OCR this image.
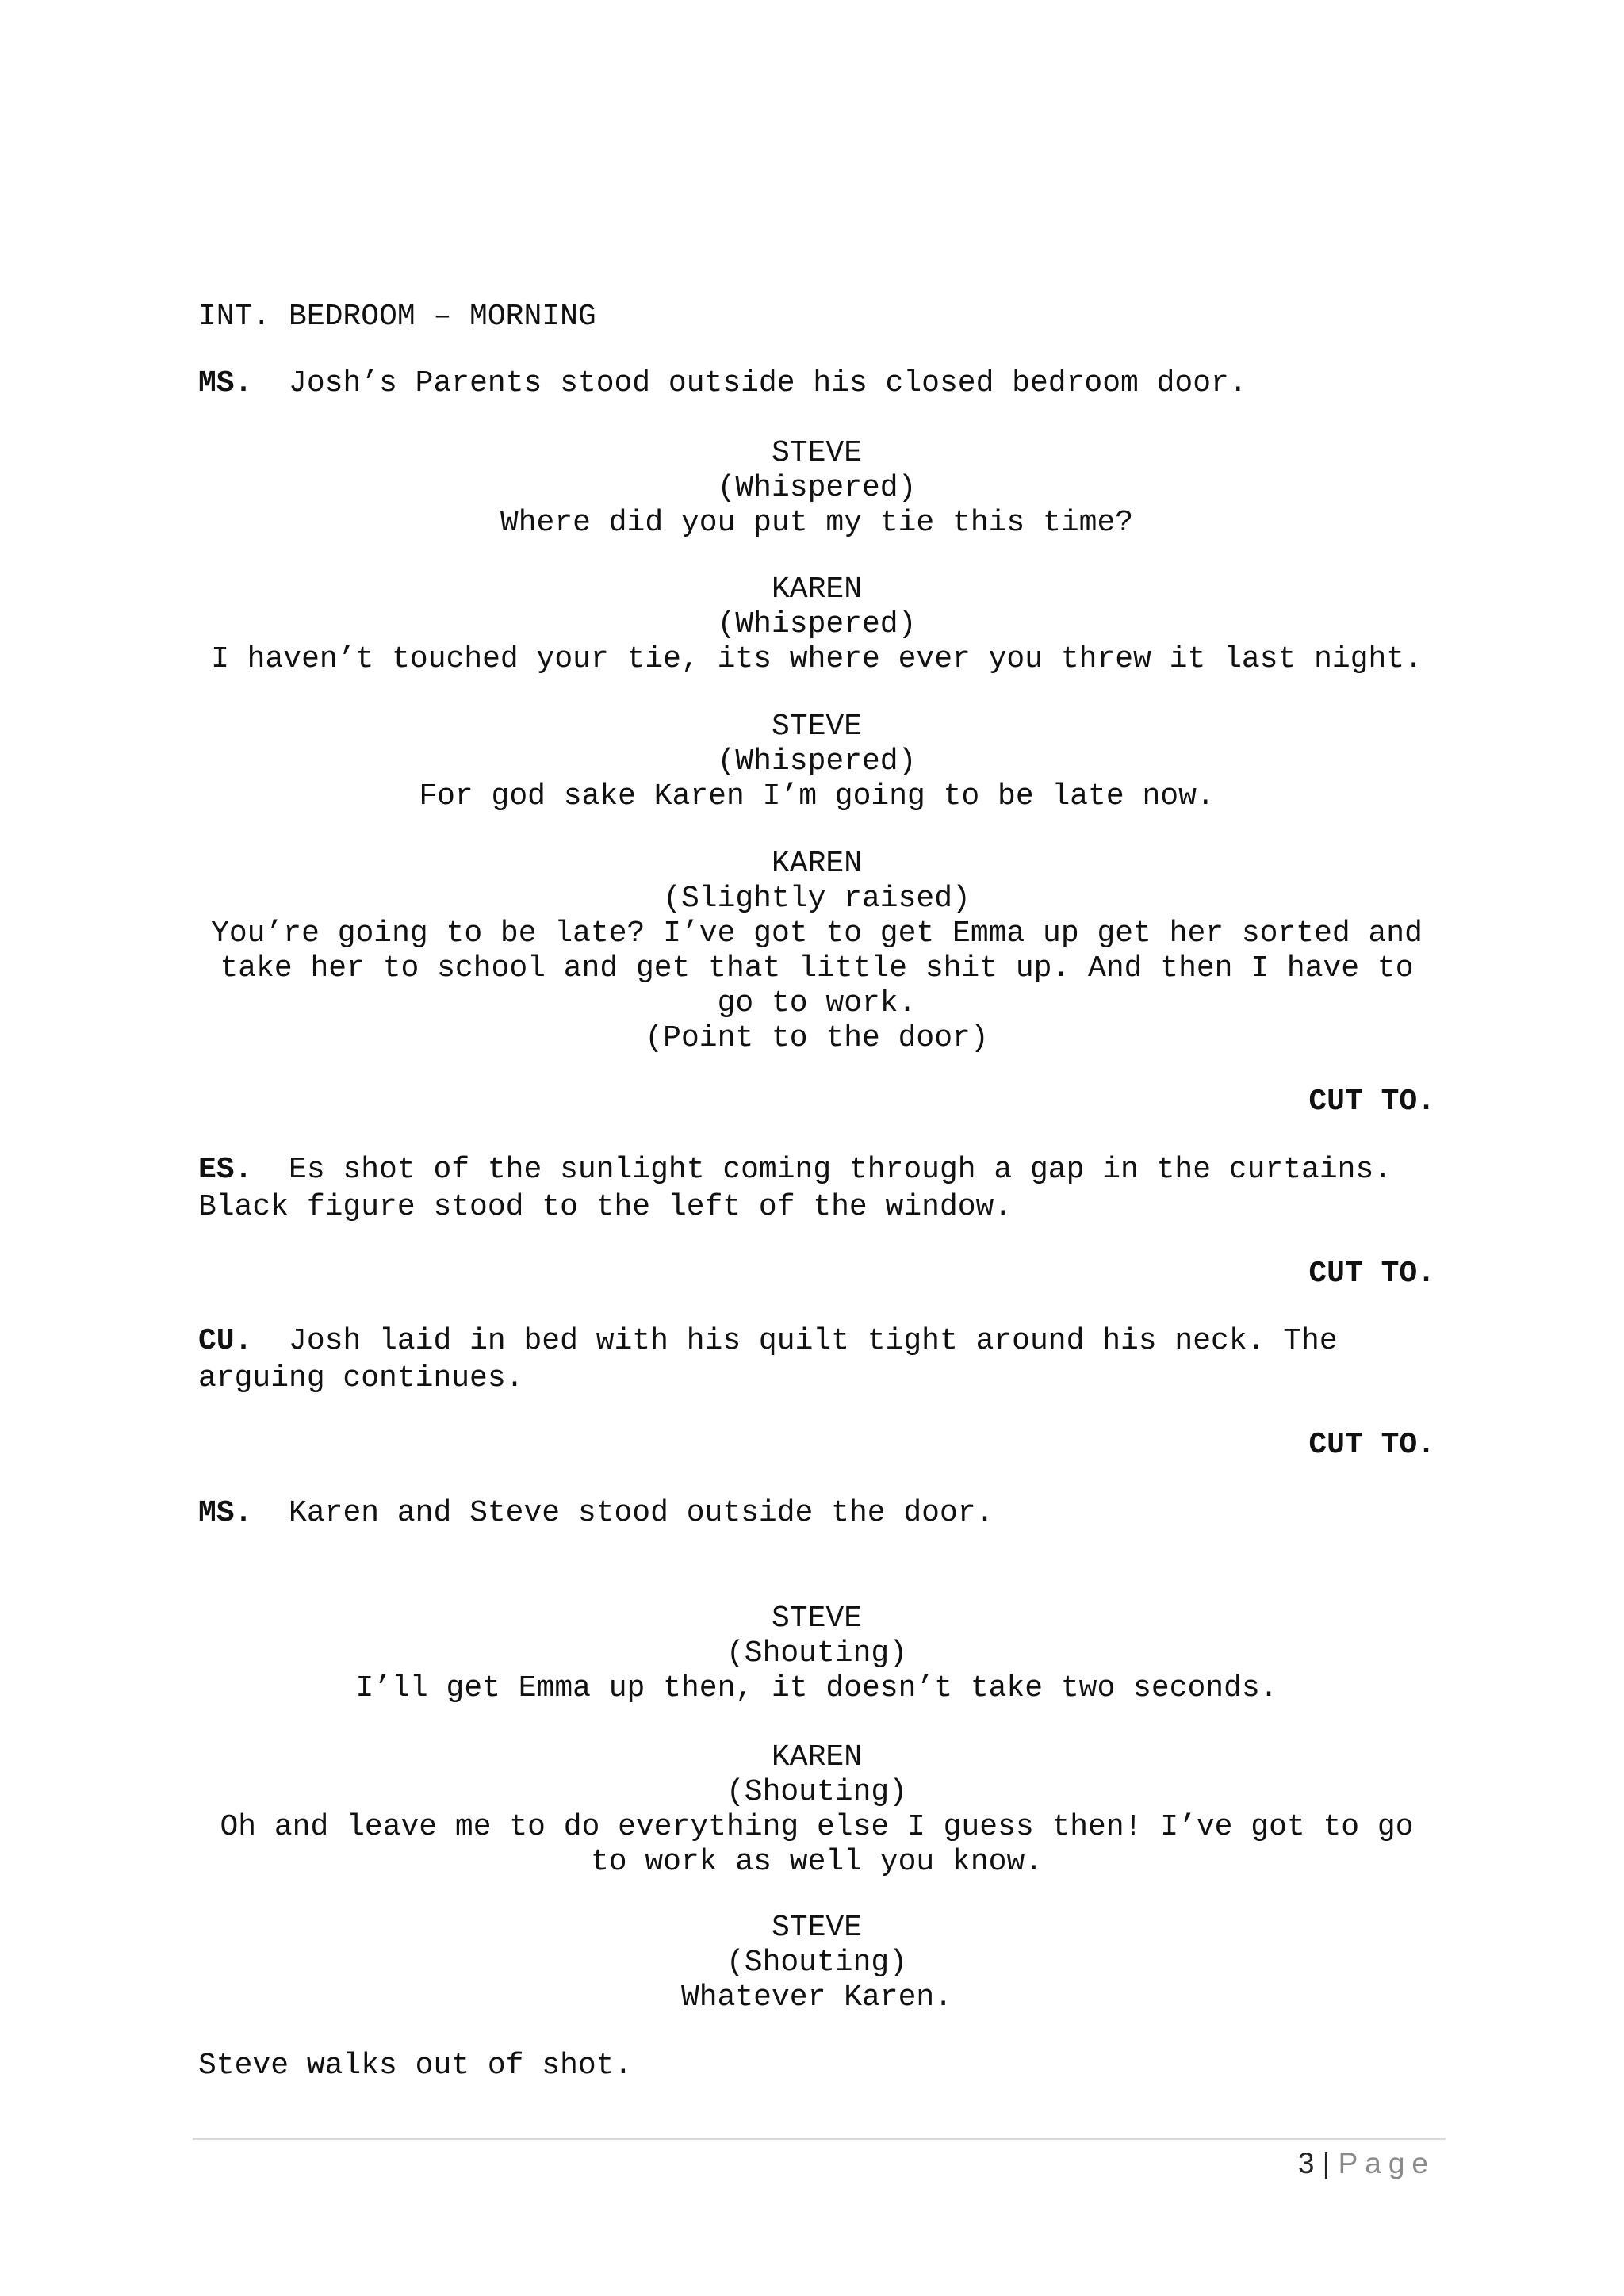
INT. BEDROOM – MORNING
MS. Josh’s Parents stood outside his closed bedroom door.
STEVE
(Whispered)
Where did you put my tie this time?
KAREN
(Whispered)
I haven’t touched your tie, its where ever you threw it last night.
STEVE
(Whispered)
For god sake Karen I’m going to be late now.
KAREN
(Slightly raised)
You’re going to be late? I’ve got to get Emma up get her sorted and
take her to school and get that little shit up. And then I have to
go to work.
(Point to the door)
CUT TO.
ES. Es shot of the sunlight coming through a gap in the curtains.
Black figure stood to the left of the window.
CUT TO.
CU. Josh laid in bed with his quilt tight around his neck. The
arguing continues.
CUT TO.
MS. Karen and Steve stood outside the door.
STEVE
(Shouting)
I’ll get Emma up then, it doesn’t take two seconds.
KAREN
(Shouting)
Oh and leave me to do everything else I guess then! I’ve got to go
to work as well you know.
STEVE
(Shouting)
Whatever Karen.
Steve walks out of shot.
3 | Page
